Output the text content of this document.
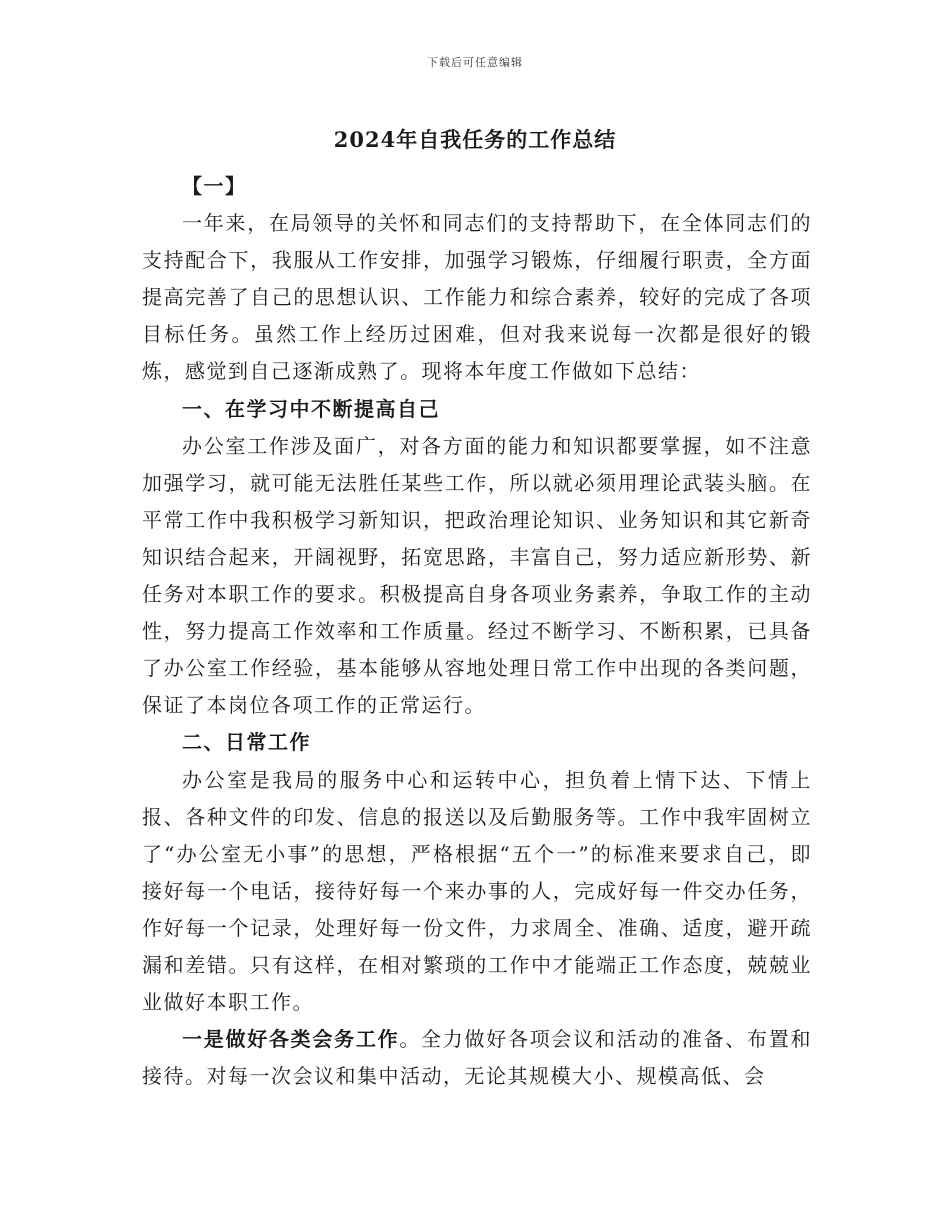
下载后可任意编辑
2024年自我任务的工作总结

【一】

一年来，在局领导的关怀和同志们的支持帮助下，在全体同志们的支持配合下，我服从工作安排，加强学习锻炼，仔细履行职责，全方面提高完善了自己的思想认识、工作能力和综合素养，较好的完成了各项目标任务。虽然工作上经历过困难，但对我来说每一次都是很好的锻炼，感觉到自己逐渐成熟了。现将本年度工作做如下总结：

一、在学习中不断提高自己

办公室工作涉及面广，对各方面的能力和知识都要掌握，如不注意加强学习，就可能无法胜任某些工作，所以就必须用理论武装头脑。在平常工作中我积极学习新知识，把政治理论知识、业务知识和其它新奇知识结合起来，开阔视野，拓宽思路，丰富自己，努力适应新形势、新任务对本职工作的要求。积极提高自身各项业务素养，争取工作的主动性，努力提高工作效率和工作质量。经过不断学习、不断积累，已具备了办公室工作经验，基本能够从容地处理日常工作中出现的各类问题，保证了本岗位各项工作的正常运行。

二、日常工作

办公室是我局的服务中心和运转中心，担负着上情下达、下情上报、各种文件的印发、信息的报送以及后勤服务等。工作中我牢固树立了“办公室无小事”的思想，严格根据“五个一”的标准来要求自己，即接好每一个电话，接待好每一个来办事的人，完成好每一件交办任务，作好每一个记录，处理好每一份文件，力求周全、准确、适度，避开疏漏和差错。只有这样，在相对繁琐的工作中才能端正工作态度，兢兢业业做好本职工作。

一是做好各类会务工作。全力做好各项会议和活动的准备、布置和接待。对每一次会议和集中活动，无论其规模大小、规模高低、会
